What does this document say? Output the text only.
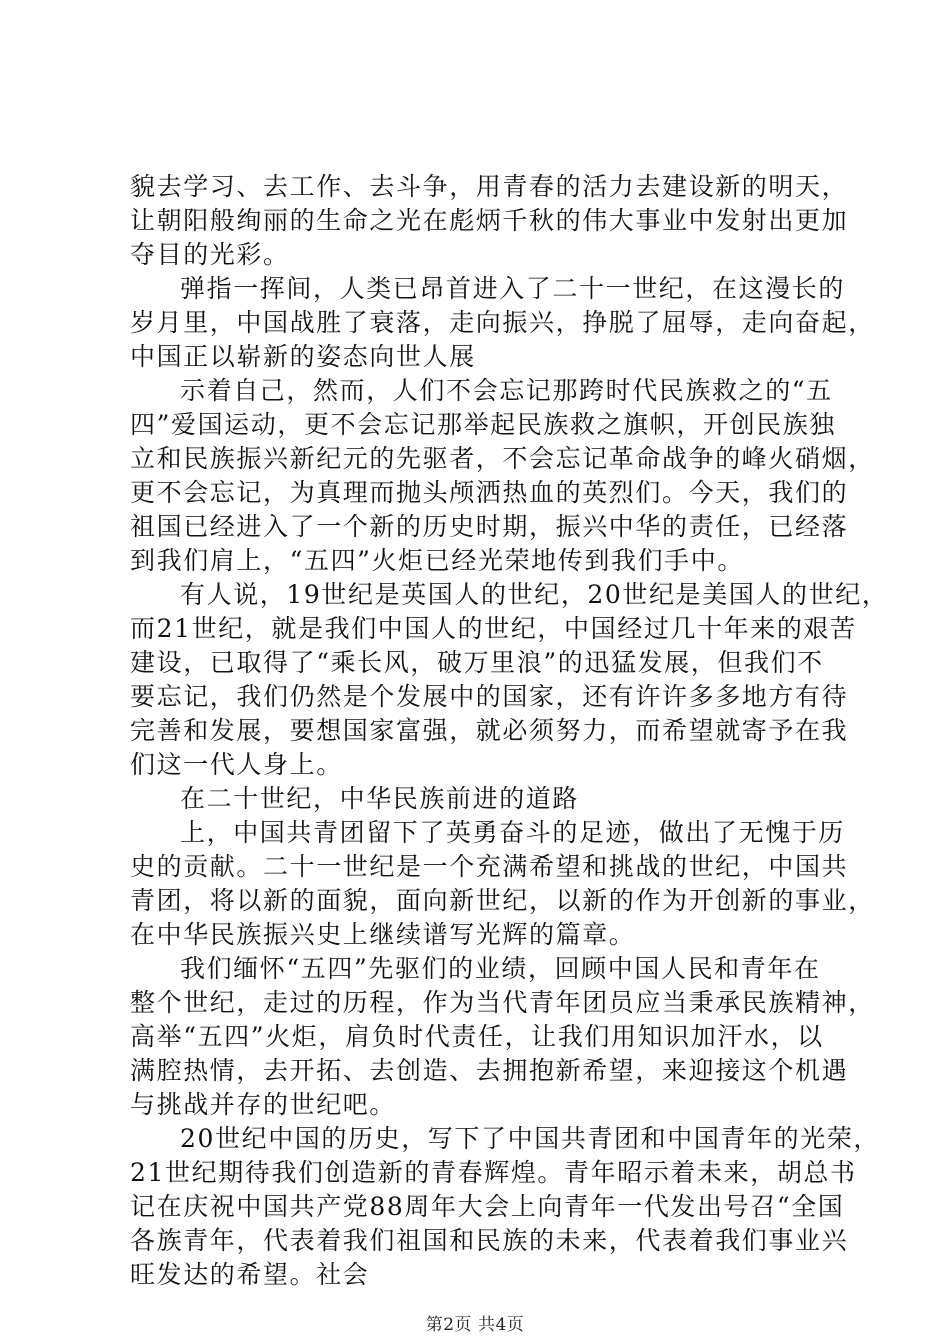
貌去学习、去工作、去斗争，用青春的活力去建设新的明天，
让朝阳般绚丽的生命之光在彪炳千秋的伟大事业中发射出更加
夺目的光彩。
弹指一挥间，人类已昂首进入了二十一世纪，在这漫长的
岁月里，中国战胜了衰落，走向振兴，挣脱了屈辱，走向奋起，
中国正以崭新的姿态向世人展
示着自己，然而，人们不会忘记那跨时代民族救之的“五
四”爱国运动，更不会忘记那举起民族救之旗帜，开创民族独
立和民族振兴新纪元的先驱者，不会忘记革命战争的峰火硝烟，
更不会忘记，为真理而抛头颅洒热血的英烈们。今天，我们的
祖国已经进入了一个新的历史时期，振兴中华的责任，已经落
到我们肩上，“五四”火炬已经光荣地传到我们手中。
有人说，19世纪是英国人的世纪，20世纪是美国人的世纪，
而21世纪，就是我们中国人的世纪，中国经过几十年来的艰苦
建设，已取得了“乘长风，破万里浪”的迅猛发展，但我们不
要忘记，我们仍然是个发展中的国家，还有许许多多地方有待
完善和发展，要想国家富强，就必须努力，而希望就寄予在我
们这一代人身上。
在二十世纪，中华民族前进的道路
上，中国共青团留下了英勇奋斗的足迹，做出了无愧于历
史的贡献。二十一世纪是一个充满希望和挑战的世纪，中国共
青团，将以新的面貌，面向新世纪，以新的作为开创新的事业，
在中华民族振兴史上继续谱写光辉的篇章。
我们缅怀“五四”先驱们的业绩，回顾中国人民和青年在
整个世纪，走过的历程，作为当代青年团员应当秉承民族精神，
高举“五四”火炬，肩负时代责任，让我们用知识加汗水，以
满腔热情，去开拓、去创造、去拥抱新希望，来迎接这个机遇
与挑战并存的世纪吧。
20世纪中国的历史，写下了中国共青团和中国青年的光荣，
21世纪期待我们创造新的青春辉煌。青年昭示着未来，胡总书
记在庆祝中国共产党88周年大会上向青年一代发出号召“全国
各族青年，代表着我们祖国和民族的未来，代表着我们事业兴
旺发达的希望。社会
第2页 共4页
